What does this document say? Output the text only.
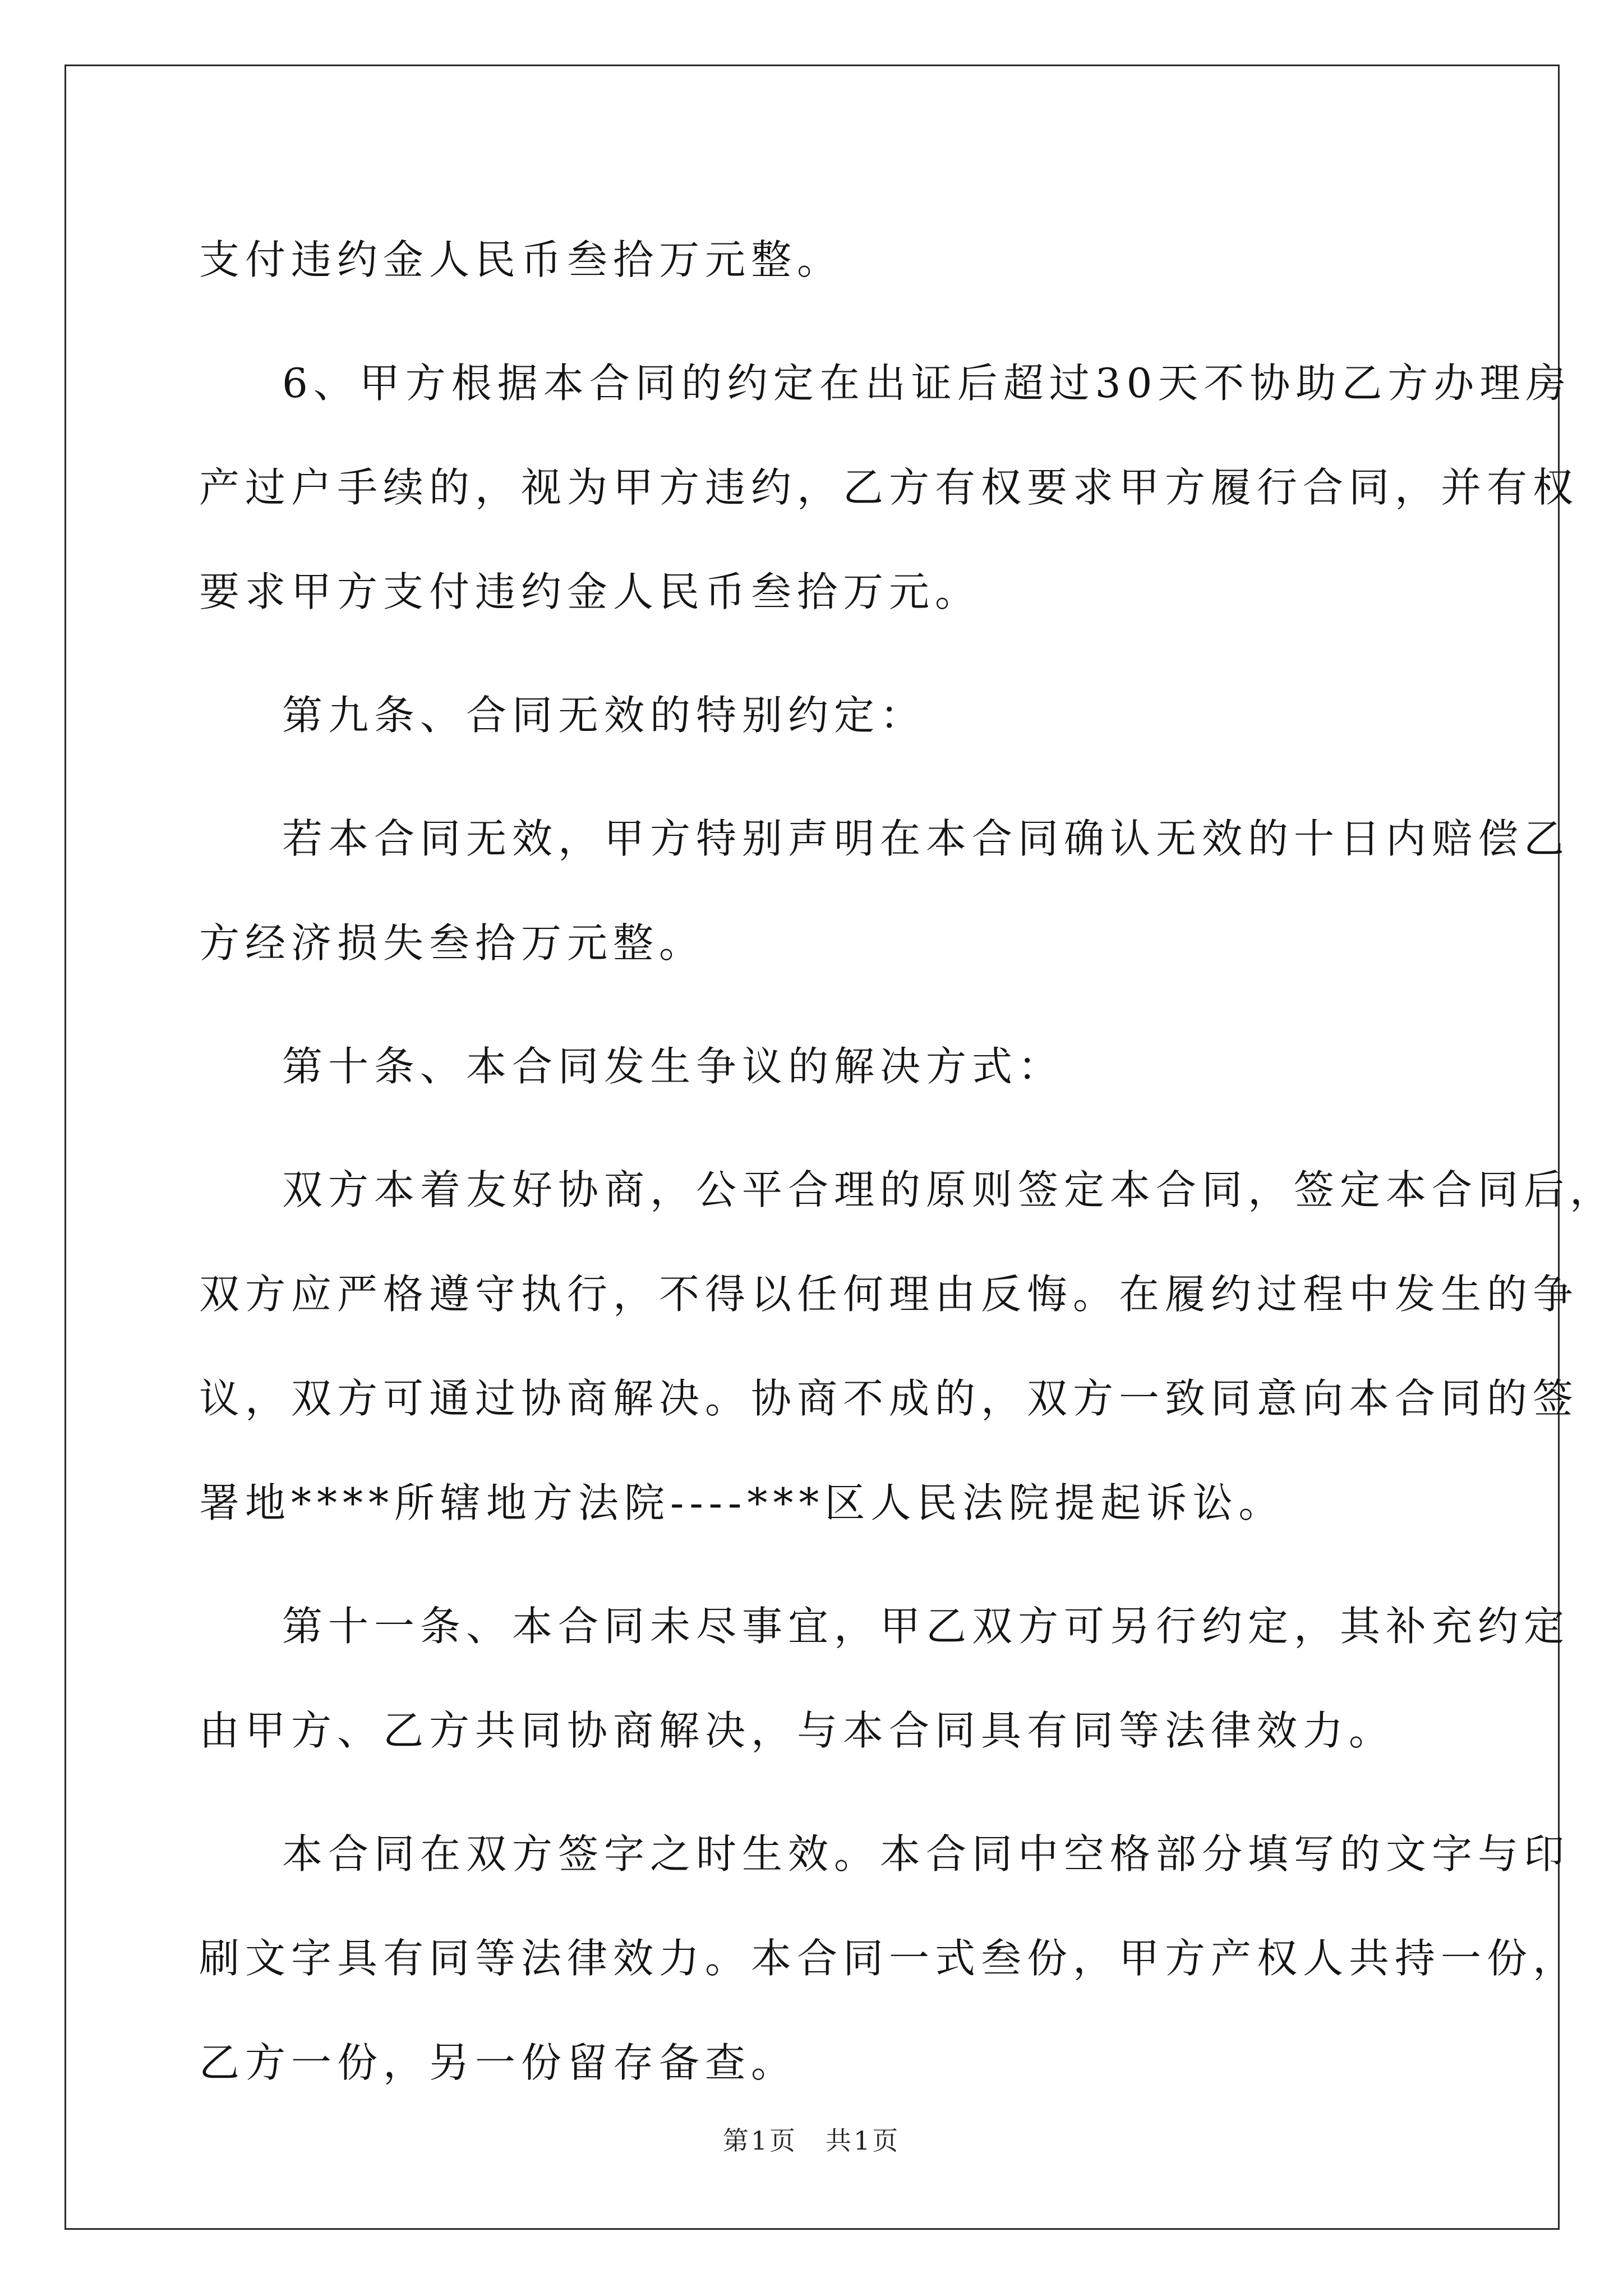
支付违约金人民币叁拾万元整。
6、甲方根据本合同的约定在出证后超过30天不协助乙方办理房
产过户手续的，视为甲方违约，乙方有权要求甲方履行合同，并有权
要求甲方支付违约金人民币叁拾万元。
第九条、合同无效的特别约定：
若本合同无效，甲方特别声明在本合同确认无效的十日内赔偿乙
方经济损失叁拾万元整。
第十条、本合同发生争议的解决方式：
双方本着友好协商，公平合理的原则签定本合同，签定本合同后，
双方应严格遵守执行，不得以任何理由反悔。在履约过程中发生的争
议，双方可通过协商解决。协商不成的，双方一致同意向本合同的签
署地****所辖地方法院----***区人民法院提起诉讼。
第十一条、本合同未尽事宜，甲乙双方可另行约定，其补充约定
由甲方、乙方共同协商解决，与本合同具有同等法律效力。
本合同在双方签字之时生效。本合同中空格部分填写的文字与印
刷文字具有同等法律效力。本合同一式叁份，甲方产权人共持一份，
乙方一份，另一份留存备查。
第1页　共1页
